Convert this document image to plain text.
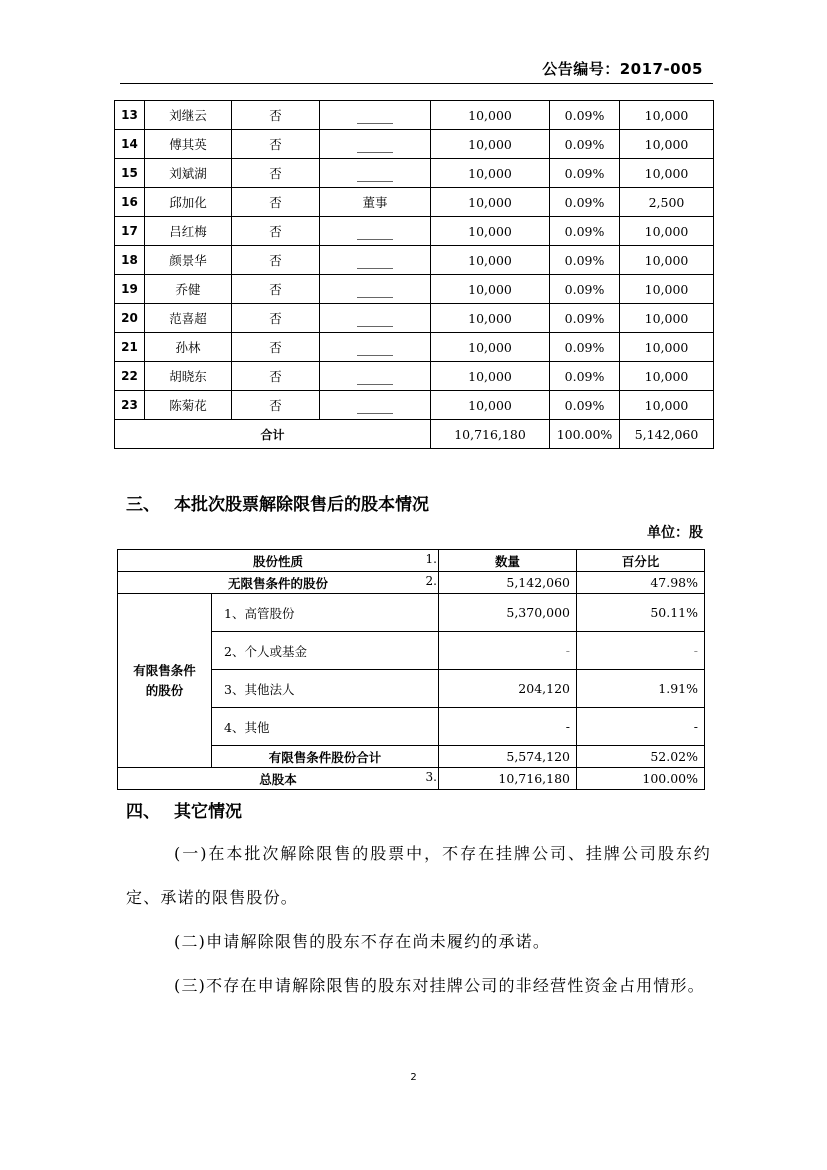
公告编号：2017-005
13	刘继云	否		10,000	0.09%	10,000
14	傅其英	否		10,000	0.09%	10,000
15	刘斌湖	否		10,000	0.09%	10,000
16	邱加化	否	董事	10,000	0.09%	2,500
17	吕红梅	否		10,000	0.09%	10,000
18	颜景华	否		10,000	0.09%	10,000
19	乔健	否		10,000	0.09%	10,000
20	范喜超	否		10,000	0.09%	10,000
21	孙林	否		10,000	0.09%	10,000
22	胡晓东	否		10,000	0.09%	10,000
23	陈菊花	否		10,000	0.09%	10,000
合计				10,716,180	100.00%	5,142,060
三、 本批次股票解除限售后的股本情况
单位：股
股份性质 1.		数量	百分比
无限售条件的股份 2.		5,142,060	47.98%
有限售条件的股份	1、高管股份	5,370,000	50.11%
	2、个人或基金	-	-
	3、其他法人	204,120	1.91%
	4、其他	-	-
	有限售条件股份合计	5,574,120	52.02%
总股本 3.		10,716,180	100.00%
四、 其它情况
(一)在本批次解除限售的股票中，不存在挂牌公司、挂牌公司股东约定、承诺的限售股份。
(二)申请解除限售的股东不存在尚未履约的承诺。
(三)不存在申请解除限售的股东对挂牌公司的非经营性资金占用情形。
2
